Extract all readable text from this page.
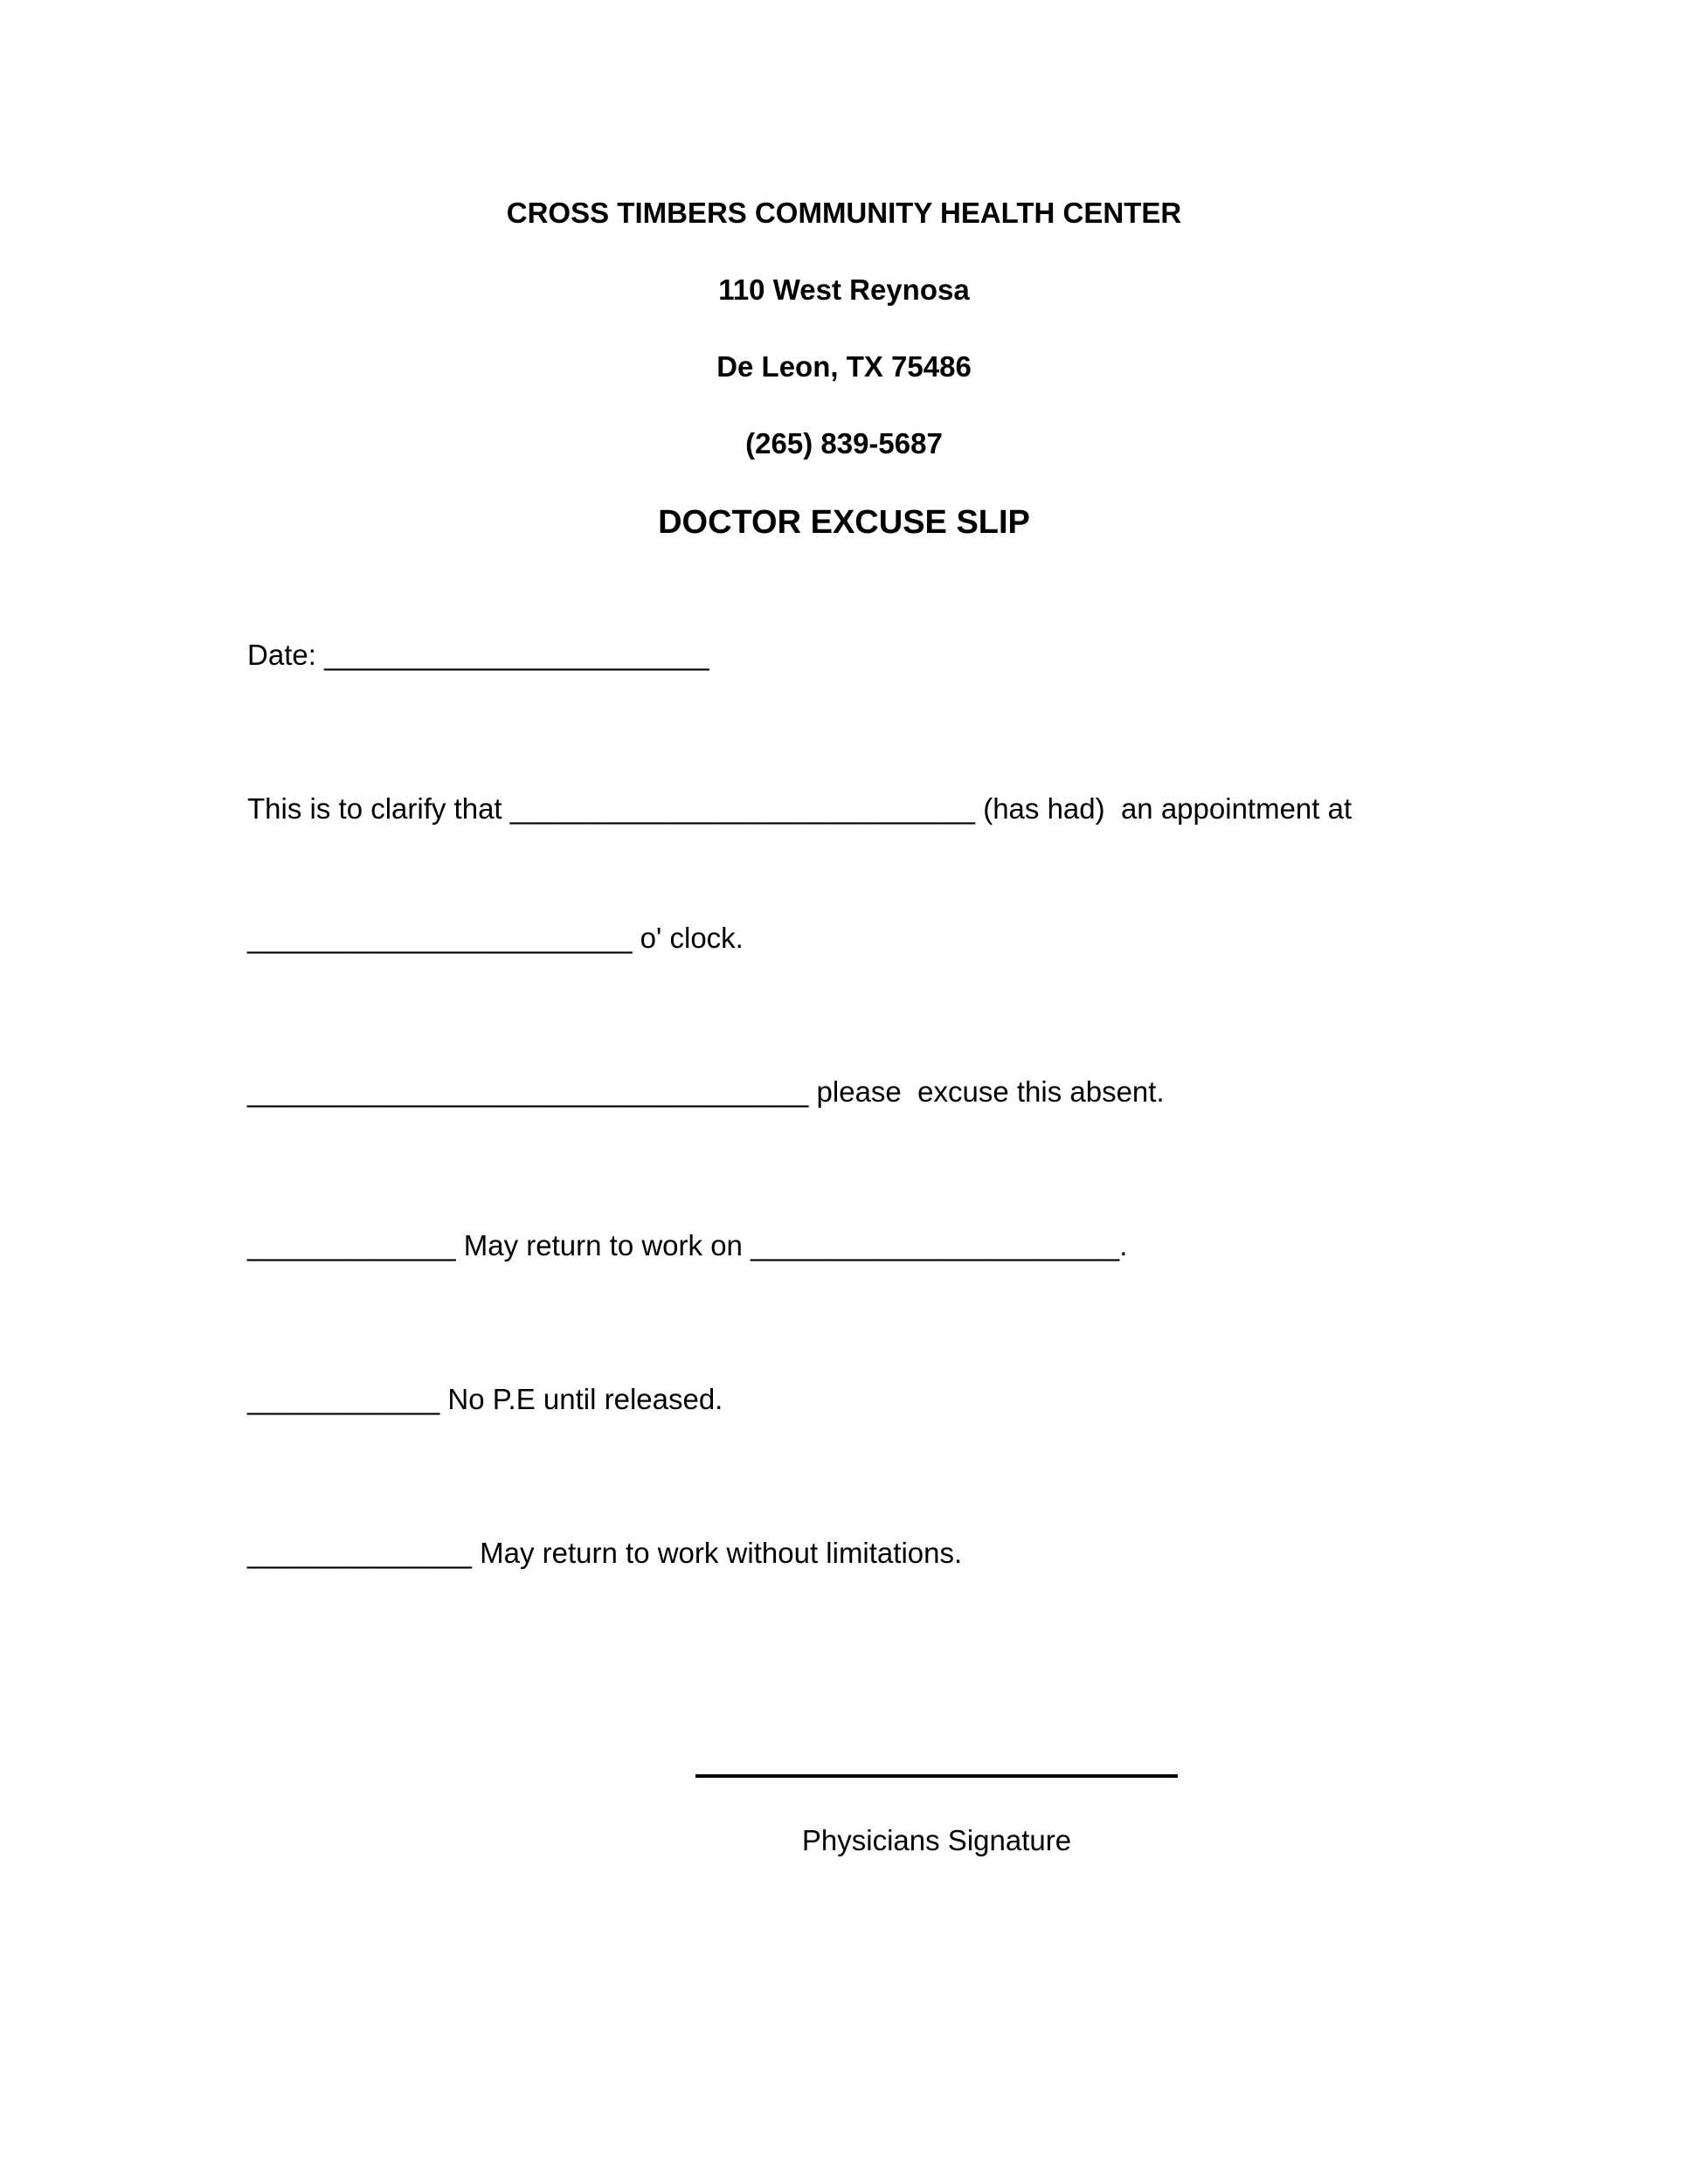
CROSS TIMBERS COMMUNITY HEALTH CENTER
110 West Reynosa
De Leon, TX 75486
(265) 839-5687
DOCTOR EXCUSE SLIP

Date: ________________________

This is to clarify that _____________________________ (has had)  an appointment at

________________________ o' clock.

___________________________________ please  excuse this absent.

_____________ May return to work on _______________________.

____________ No P.E until released.

______________ May return to work without limitations.

Physicians Signature
